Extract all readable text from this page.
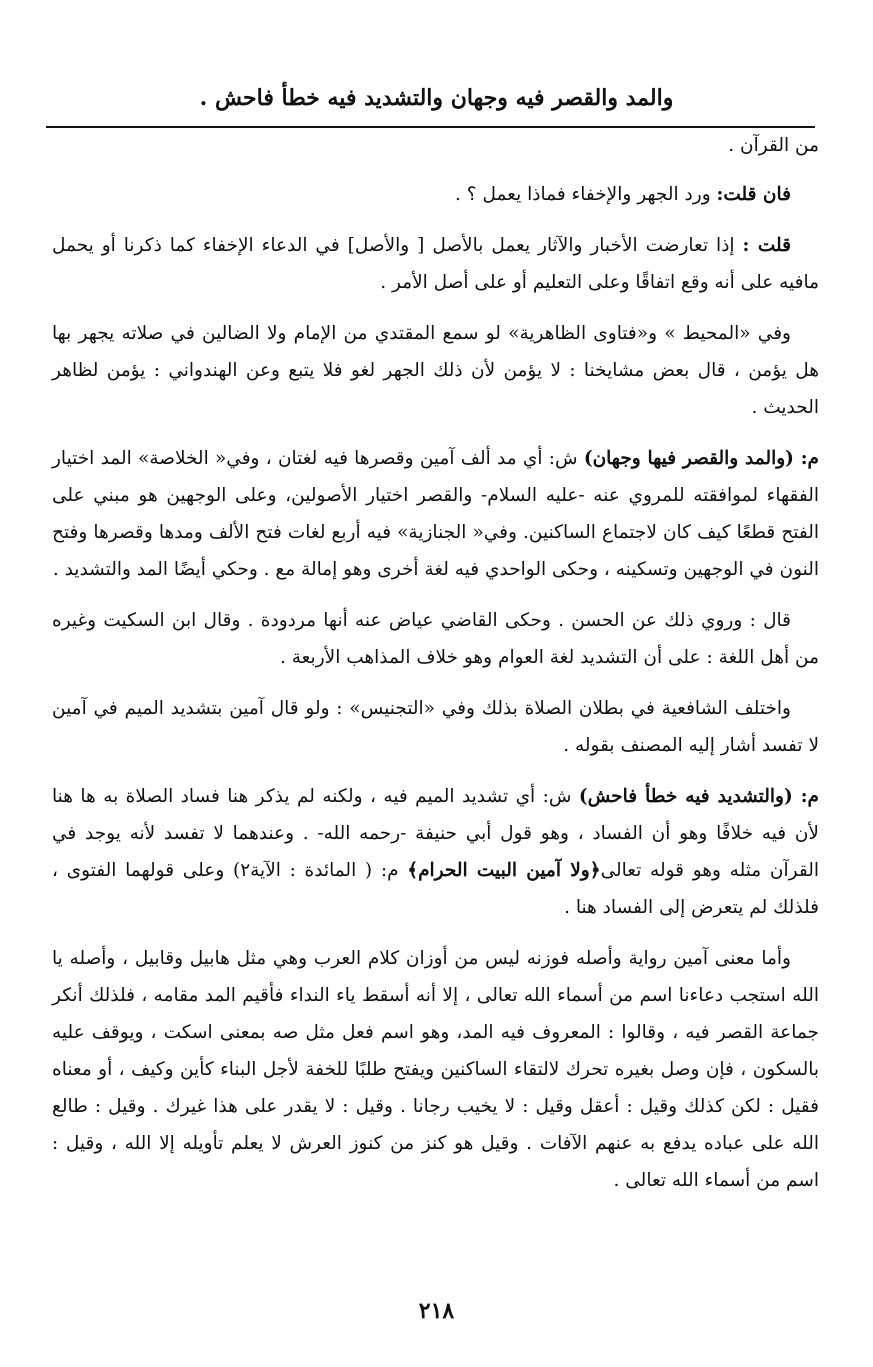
والمد والقصر فيه وجهان والتشديد فيه خطأ فاحش .

من القرآن .

فان قلت: ورد الجهر والإخفاء فماذا يعمل ؟ .

قلت : إذا تعارضت الأخبار والآثار يعمل بالأصل [ والأصل] في الدعاء الإخفاء كما ذكرنا أو يحمل مافيه على أنه وقع اتفاقًا وعلى التعليم أو على أصل الأمر .

وفي «المحيط » و«فتاوى الظاهرية» لو سمع المقتدي من الإمام ولا الضالين في صلاته يجهر بها هل يؤمن ، قال بعض مشايخنا : لا يؤمن لأن ذلك الجهر لغو فلا يتبع وعن الهندواني : يؤمن لظاهر الحديث .

م: (والمد والقصر فيها وجهان) ش: أي مد ألف آمين وقصرها فيه لغتان ، وفي« الخلاصة» المد اختيار الفقهاء لموافقته للمروي عنه -عليه السلام- والقصر اختيار الأصولين، وعلى الوجهين هو مبني على الفتح قطعًا كيف كان لاجتماع الساكنين. وفي« الجنازية» فيه أربع لغات فتح الألف ومدها وقصرها وفتح النون في الوجهين وتسكينه ، وحكى الواحدي فيه لغة أخرى وهو إمالة مع . وحكي أيضًا المد والتشديد .

قال : وروي ذلك عن الحسن . وحكى القاضي عياض عنه أنها مردودة . وقال ابن السكيت وغيره من أهل اللغة : على أن التشديد لغة العوام وهو خلاف المذاهب الأربعة .

واختلف الشافعية في بطلان الصلاة بذلك وفي «التجنيس» : ولو قال آمين بتشديد الميم في آمين لا تفسد أشار إليه المصنف بقوله .

م: (والتشديد فيه خطأ فاحش) ش: أي تشديد الميم فيه ، ولكنه لم يذكر هنا فساد الصلاة به ها هنا لأن فيه خلافًا وهو أن الفساد ، وهو قول أبي حنيفة -رحمه الله- . وعندهما لا تفسد لأنه يوجد في القرآن مثله وهو قوله تعالى﴿ولا آمين البيت الحرام﴾ م: ( المائدة : الآية٢) وعلى قولهما الفتوى ، فلذلك لم يتعرض إلى الفساد هنا .

وأما معنى آمين رواية وأصله فوزنه ليس من أوزان كلام العرب وهي مثل هابيل وقابيل ، وأصله يا الله استجب دعاءنا اسم من أسماء الله تعالى ، إلا أنه أسقط ياء النداء فأقيم المد مقامه ، فلذلك أنكر جماعة القصر فيه ، وقالوا : المعروف فيه المد، وهو اسم فعل مثل صه بمعنى اسكت ، ويوقف عليه بالسكون ، فإن وصل بغيره تحرك لالتقاء الساكنين ويفتح طلبًا للخفة لأجل البناء كأين وكيف ، أو معناه فقيل : لكن كذلك وقيل : أعقل وقيل : لا يخيب رجانا . وقيل : لا يقدر على هذا غيرك . وقيل : طالع الله على عباده يدفع به عنهم الآفات . وقيل هو كنز من كنوز العرش لا يعلم تأويله إلا الله ، وقيل : اسم من أسماء الله تعالى .

٢١٨
